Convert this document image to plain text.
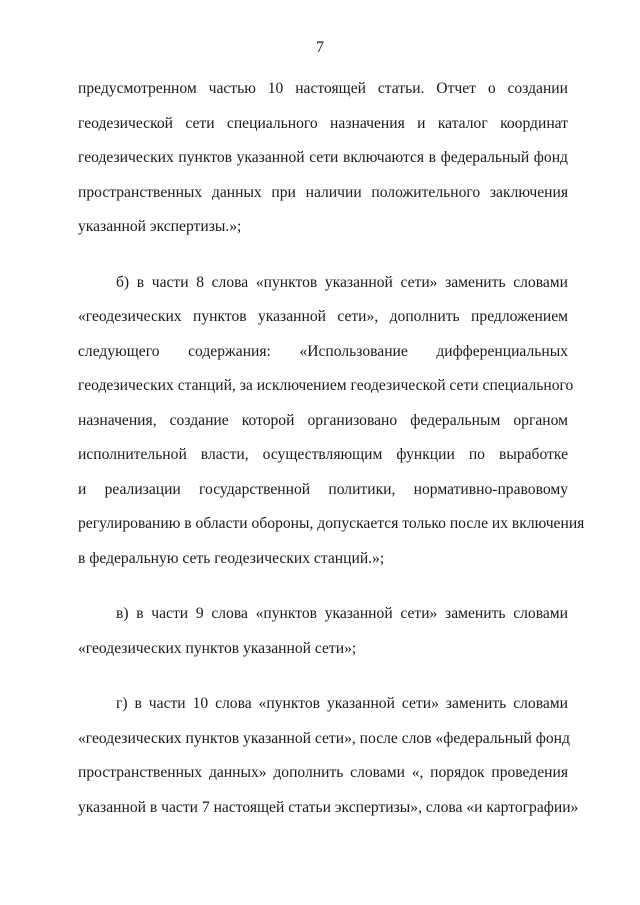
7

предусмотренном частью 10 настоящей статьи. Отчет о создании
геодезической сети специального назначения и каталог координат
геодезических пунктов указанной сети включаются в федеральный фонд
пространственных данных при наличии положительного заключения
указанной экспертизы.»;

б) в части 8 слова «пунктов указанной сети» заменить словами
«геодезических пунктов указанной сети», дополнить предложением
следующего содержания: «Использование дифференциальных
геодезических станций, за исключением геодезической сети специального
назначения, создание которой организовано федеральным органом
исполнительной власти, осуществляющим функции по выработке
и реализации государственной политики, нормативно-правовому
регулированию в области обороны, допускается только после их включения
в федеральную сеть геодезических станций.»;

в) в части 9 слова «пунктов указанной сети» заменить словами
«геодезических пунктов указанной сети»;

г) в части 10 слова «пунктов указанной сети» заменить словами
«геодезических пунктов указанной сети», после слов «федеральный фонд
пространственных данных» дополнить словами «, порядок проведения
указанной в части 7 настоящей статьи экспертизы», слова «и картографии»
